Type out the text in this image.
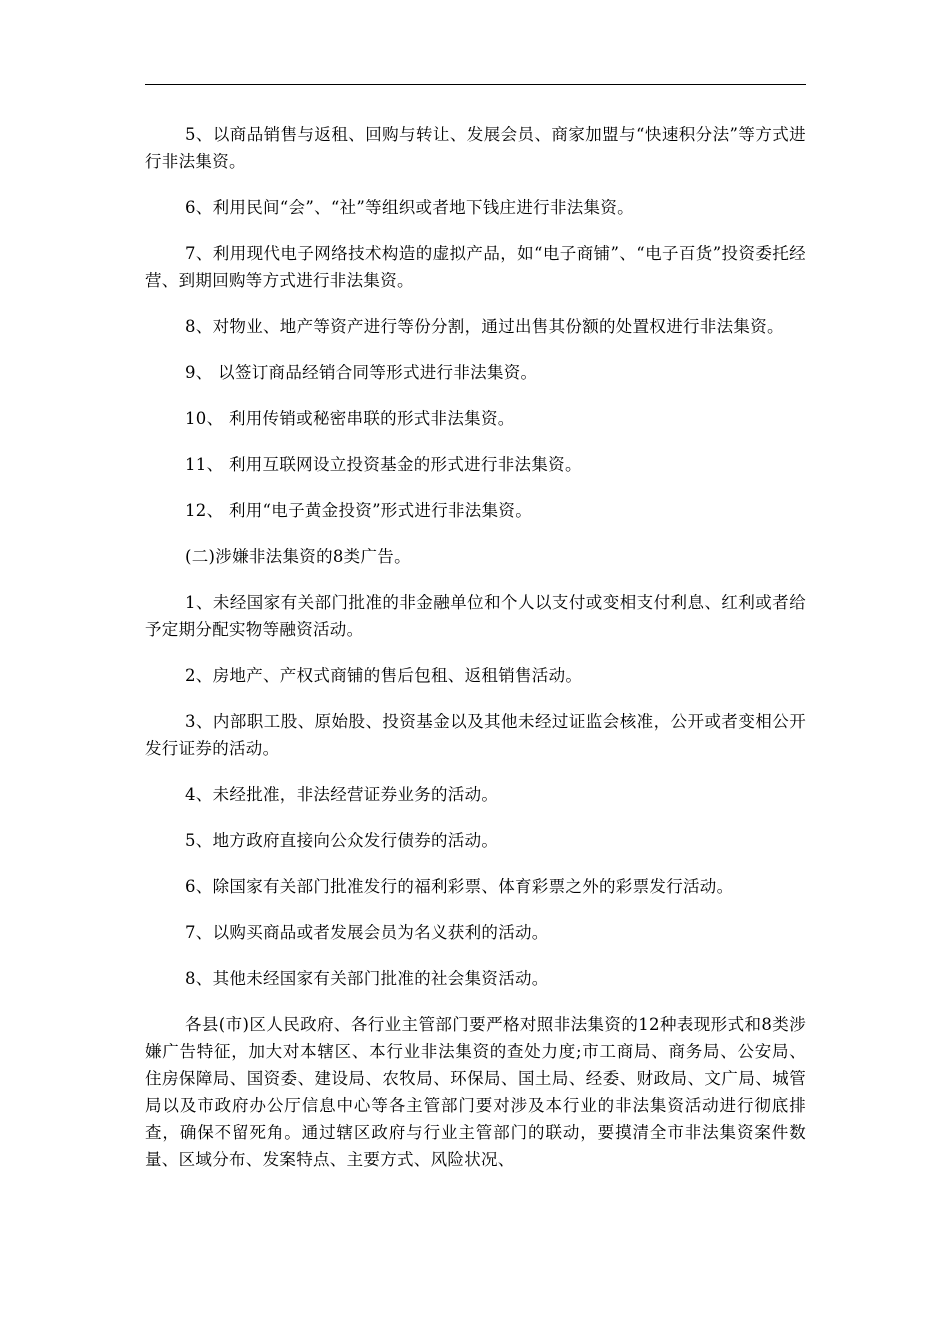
5、以商品销售与返租、回购与转让、发展会员、商家加盟与“快速积分法”等方式进行非法集资。

6、利用民间“会”、“社”等组织或者地下钱庄进行非法集资。

7、利用现代电子网络技术构造的虚拟产品，如“电子商铺”、“电子百货”投资委托经营、到期回购等方式进行非法集资。

8、对物业、地产等资产进行等份分割，通过出售其份额的处置权进行非法集资。

9、 以签订商品经销合同等形式进行非法集资。

10、 利用传销或秘密串联的形式非法集资。

11、 利用互联网设立投资基金的形式进行非法集资。

12、 利用“电子黄金投资”形式进行非法集资。

(二)涉嫌非法集资的8类广告。

1、未经国家有关部门批准的非金融单位和个人以支付或变相支付利息、红利或者给予定期分配实物等融资活动。

2、房地产、产权式商铺的售后包租、返租销售活动。

3、内部职工股、原始股、投资基金以及其他未经过证监会核准，公开或者变相公开发行证券的活动。

4、未经批准，非法经营证券业务的活动。

5、地方政府直接向公众发行债券的活动。

6、除国家有关部门批准发行的福利彩票、体育彩票之外的彩票发行活动。

7、以购买商品或者发展会员为名义获利的活动。

8、其他未经国家有关部门批准的社会集资活动。

各县(市)区人民政府、各行业主管部门要严格对照非法集资的12种表现形式和8类涉嫌广告特征，加大对本辖区、本行业非法集资的查处力度;市工商局、商务局、公安局、住房保障局、国资委、建设局、农牧局、环保局、国土局、经委、财政局、文广局、城管局以及市政府办公厅信息中心等各主管部门要对涉及本行业的非法集资活动进行彻底排查，确保不留死角。通过辖区政府与行业主管部门的联动，要摸清全市非法集资案件数量、区域分布、发案特点、主要方式、风险状况、
